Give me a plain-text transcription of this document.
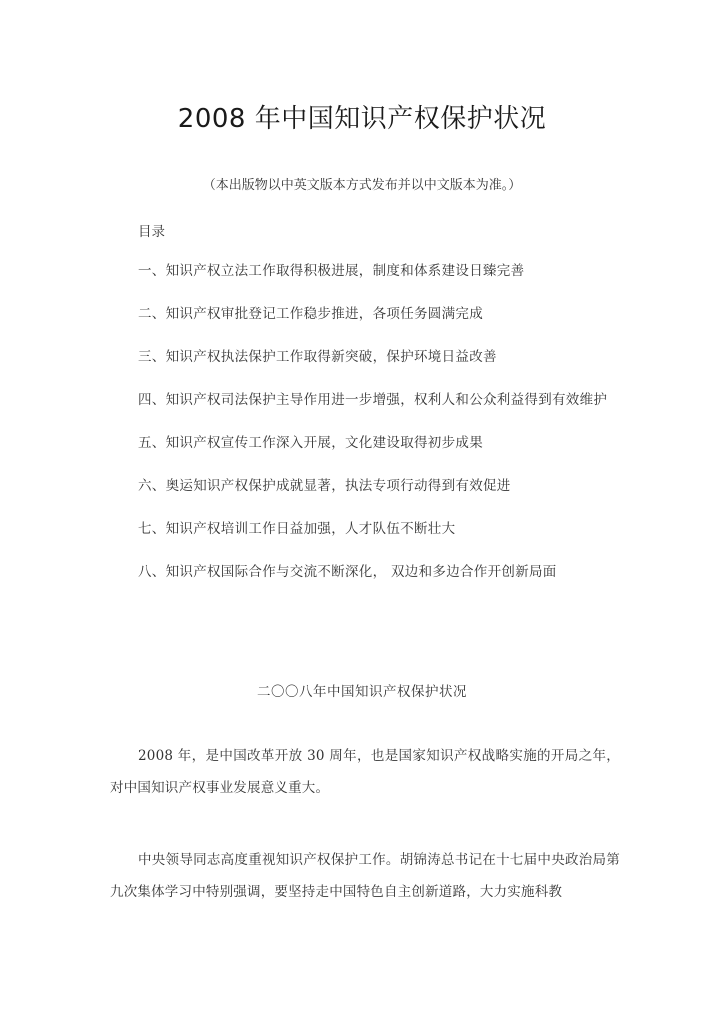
2008 年中国知识产权保护状况
（本出版物以中英文版本方式发布并以中文版本为准。）
目录
一、知识产权立法工作取得积极进展，制度和体系建设日臻完善
二、知识产权审批登记工作稳步推进，各项任务圆满完成
三、知识产权执法保护工作取得新突破，保护环境日益改善
四、知识产权司法保护主导作用进一步增强，权利人和公众利益得到有效维护
五、知识产权宣传工作深入开展，文化建设取得初步成果
六、奥运知识产权保护成就显著，执法专项行动得到有效促进
七、知识产权培训工作日益加强，人才队伍不断壮大
八、知识产权国际合作与交流不断深化， 双边和多边合作开创新局面
二〇〇八年中国知识产权保护状况

2008 年，是中国改革开放 30 周年，也是国家知识产权战略实施的开局之年，对中国知识产权事业发展意义重大。

中央领导同志高度重视知识产权保护工作。胡锦涛总书记在十七届中央政治局第九次集体学习中特别强调，要坚持走中国特色自主创新道路，大力实施科教
